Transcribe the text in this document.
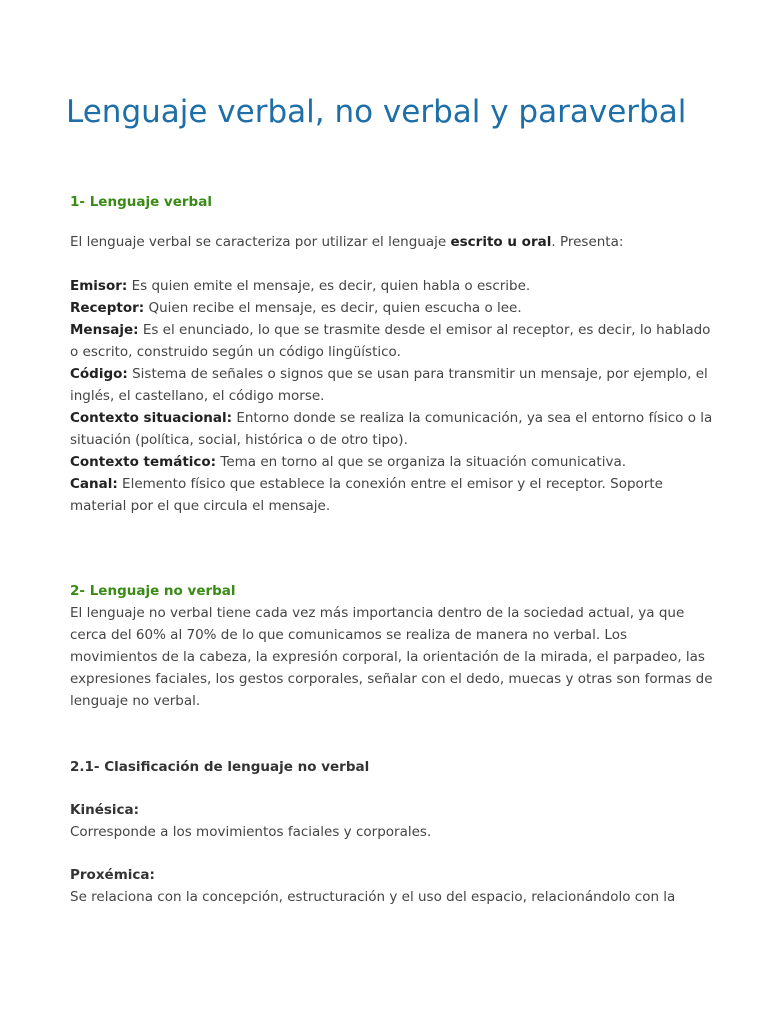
Lenguaje verbal, no verbal y paraverbal
1- Lenguaje verbal

El lenguaje verbal se caracteriza por utilizar el lenguaje escrito u oral. Presenta:

Emisor: Es quien emite el mensaje, es decir, quien habla o escribe.
Receptor: Quien recibe el mensaje, es decir, quien escucha o lee.
Mensaje: Es el enunciado, lo que se trasmite desde el emisor al receptor, es decir, lo hablado
o escrito, construido según un código lingüístico.
Código: Sistema de señales o signos que se usan para transmitir un mensaje, por ejemplo, el
inglés, el castellano, el código morse.
Contexto situacional: Entorno donde se realiza la comunicación, ya sea el entorno físico o la
situación (política, social, histórica o de otro tipo).
Contexto temático: Tema en torno al que se organiza la situación comunicativa.
Canal: Elemento físico que establece la conexión entre el emisor y el receptor. Soporte
material por el que circula el mensaje.
2- Lenguaje no verbal
El lenguaje no verbal tiene cada vez más importancia dentro de la sociedad actual, ya que
cerca del 60% al 70% de lo que comunicamos se realiza de manera no verbal. Los
movimientos de la cabeza, la expresión corporal, la orientación de la mirada, el parpadeo, las
expresiones faciales, los gestos corporales, señalar con el dedo, muecas y otras son formas de
lenguaje no verbal.
2.1- Clasificación de lenguaje no verbal
Kinésica:

Corresponde a los movimientos faciales y corporales.

Proxémica:

Se relaciona con la concepción, estructuración y el uso del espacio, relacionándolo con la
